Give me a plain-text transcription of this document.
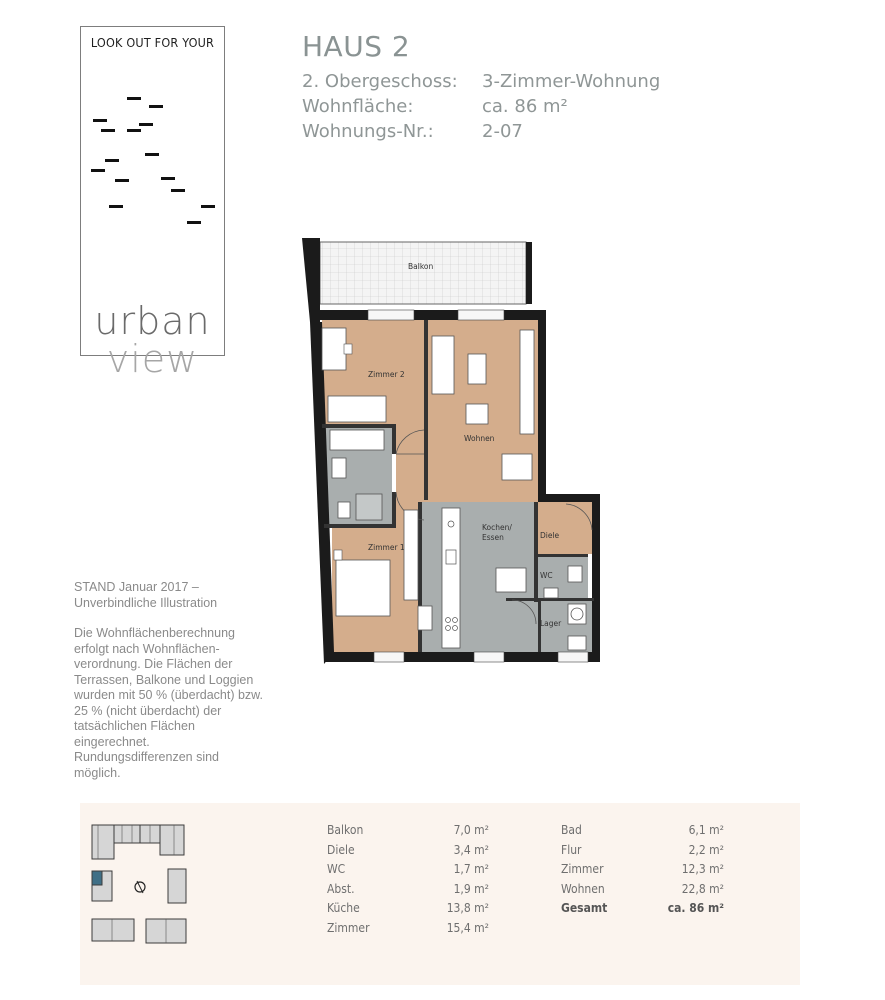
LOOK OUT FOR YOUR
urban
view
HAUS 2
2. Obergeschoss: 3-Zimmer-Wohnung
Wohnfläche:	ca. 86 m²
Wohnungs-Nr.:	2-07
Balkon
Zimmer 2
Wohnen
Kochen/
Essen	Diele
Zimmer 1
WC
Lager

STAND Januar 2017 – Unverbindliche Illustration

Die Wohnflächenberechnung erfolgt nach Wohnflächen-verordnung. Die Flächen der Terrassen, Balkone und Loggien wurden mit 50 % (überdacht) bzw. 25 % (nicht überdacht) der tatsächlichen Flächen eingerechnet. Rundungsdifferenzen sind möglich.

Balkon	7,0 m²
Diele	3,4 m²
WC	1,7 m²
Abst.	1,9 m²
Küche	13,8 m²
Zimmer	15,4 m²
Bad	6,1 m²
Flur	2,2 m²
Zimmer	12,3 m²
Wohnen	22,8 m²
Gesamt	ca. 86 m²
